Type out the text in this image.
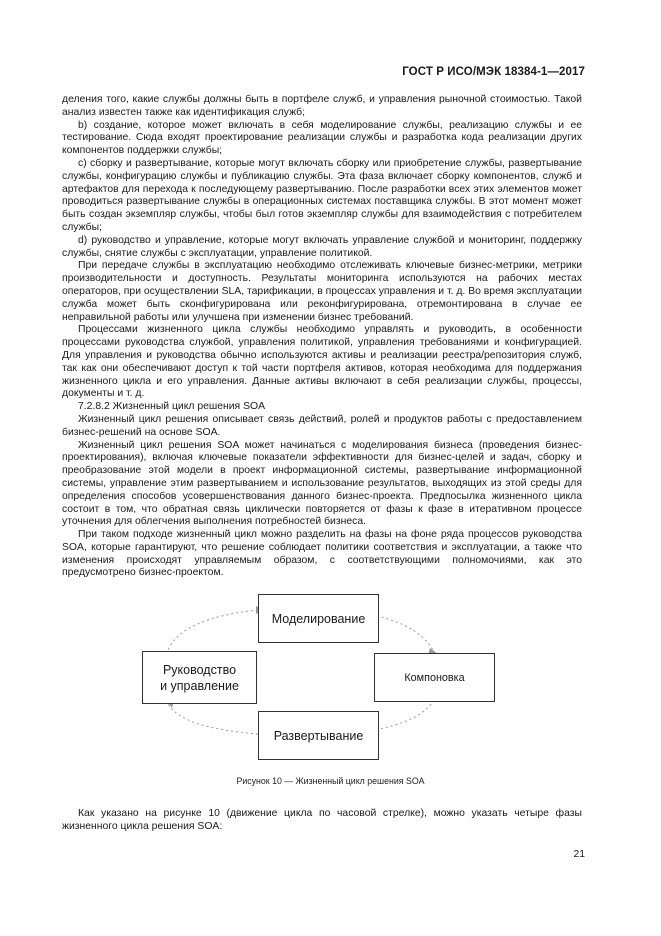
ГОСТ Р ИСО/МЭК 18384-1—2017

деления того, какие службы должны быть в портфеле служб, и управления рыночной стоимостью. Такой анализ известен также как идентификация служб;

b) создание, которое может включать в себя моделирование службы, реализацию службы и ее тестирование. Сюда входят проектирование реализации службы и разработка кода реализации других компонентов поддержки службы;

c) сборку и развертывание, которые могут включать сборку или приобретение службы, развертывание службы, конфигурацию службы и публикацию службы. Эта фаза включает сборку компонентов, служб и артефактов для перехода к последующему развертыванию. После разработки всех этих элементов может проводиться развертывание службы в операционных системах поставщика службы. В этот момент может быть создан экземпляр службы, чтобы был готов экземпляр службы для взаимодействия с потребителем службы;

d) руководство и управление, которые могут включать управление службой и мониторинг, поддержку службы, снятие службы с эксплуатации, управление политикой.

При передаче службы в эксплуатацию необходимо отслеживать ключевые бизнес-метрики, метрики производительности и доступность. Результаты мониторинга используются на рабочих местах операторов, при осуществлении SLA, тарификации, в процессах управления и т. д. Во время эксплуатации служба может быть сконфигурирована или реконфигурирована, отремонтирована в случае ее неправильной работы или улучшена при изменении бизнес требований.

Процессами жизненного цикла службы необходимо управлять и руководить, в особенности процессами руководства службой, управления политикой, управления требованиями и конфигурацией. Для управления и руководства обычно используются активы и реализации реестра/репозитория служб, так как они обеспечивают доступ к той части портфеля активов, которая необходима для поддержания жизненного цикла и его управления. Данные активы включают в себя реализации службы, процессы, документы и т. д.

7.2.8.2 Жизненный цикл решения SOA

Жизненный цикл решения описывает связь действий, ролей и продуктов работы с предоставлением бизнес-решений на основе SOA.

Жизненный цикл решения SOA может начинаться с моделирования бизнеса (проведения бизнес-проектирования), включая ключевые показатели эффективности для бизнес-целей и задач, сборку и преобразование этой модели в проект информационной системы, развертывание информационной системы, управление этим развертыванием и использование результатов, выходящих из этой среды для определения способов усовершенствования данного бизнес-проекта. Предпосылка жизненного цикла состоит в том, что обратная связь циклически повторяется от фазы к фазе в итеративном процессе уточнения для облегчения выполнения потребностей бизнеса.

При таком подходе жизненный цикл можно разделить на фазы на фоне ряда процессов руководства SOA, которые гарантируют, что решение соблюдает политики соответствия и эксплуатации, а также что изменения происходят управляемым образом, с соответствующими полномочиями, как это предусмотрено бизнес-проектом.

Моделирование
Компоновка
Развертывание
Руководство
и управление
Рисунок 10 — Жизненный цикл решения SOA

Как указано на рисунке 10 (движение цикла по часовой стрелке), можно указать четыре фазы жизненного цикла решения SOA:

21
